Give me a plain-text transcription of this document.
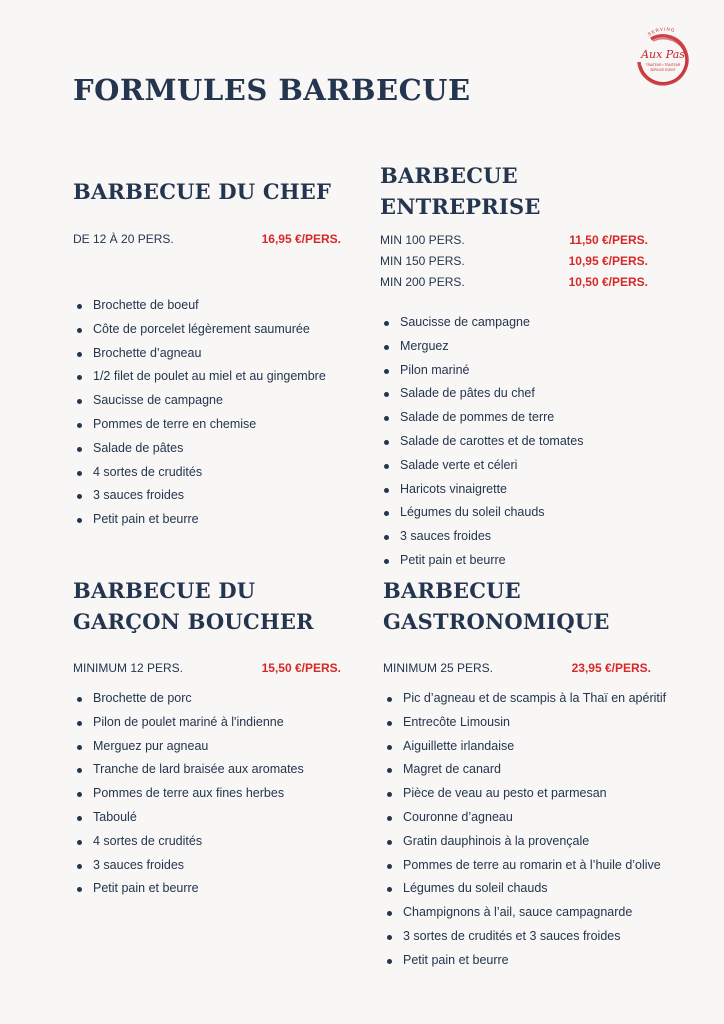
FORMULES BARBECUE
SERVING
Aux Pas
TRAITEUR • TRAITEUR
SERVICE EVENT
BARBECUE DU CHEF
DE 12 À 20 PERS.	16,95 €/PERS.
Brochette de boeuf
Côte de porcelet légèrement saumurée
Brochette d’agneau
1/2 filet de poulet au miel et au gingembre
Saucisse de campagne
Pommes de terre en chemise
Salade de pâtes
4 sortes de crudités
3 sauces froides
Petit pain et beurre
BARBECUE
ENTREPRISE
MIN 100 PERS.	11,50 €/PERS.
MIN 150 PERS.	10,95 €/PERS.
MIN 200 PERS.	10,50 €/PERS.
Saucisse de campagne
Merguez
Pilon mariné
Salade de pâtes du chef
Salade de pommes de terre
Salade de carottes et de tomates
Salade verte et céleri
Haricots vinaigrette
Légumes du soleil chauds
3 sauces froides
Petit pain et beurre
BARBECUE DU
GARÇON BOUCHER
MINIMUM 12 PERS.	15,50 €/PERS.
Brochette de porc
Pilon de poulet mariné à l'indienne
Merguez pur agneau
Tranche de lard braisée aux aromates
Pommes de terre aux fines herbes
Taboulé
4 sortes de crudités
3 sauces froides
Petit pain et beurre
BARBECUE
GASTRONOMIQUE
MINIMUM 25 PERS.	23,95 €/PERS.
Pic d’agneau et de scampis à la Thaï en apéritif
Entrecôte Limousin
Aiguillette irlandaise
Magret de canard
Pièce de veau au pesto et parmesan
Couronne d’agneau
Gratin dauphinois à la provençale
Pommes de terre au romarin et à l’huile d’olive
Légumes du soleil chauds
Champignons à l’ail, sauce campagnarde
3 sortes de crudités et 3 sauces froides
Petit pain et beurre
